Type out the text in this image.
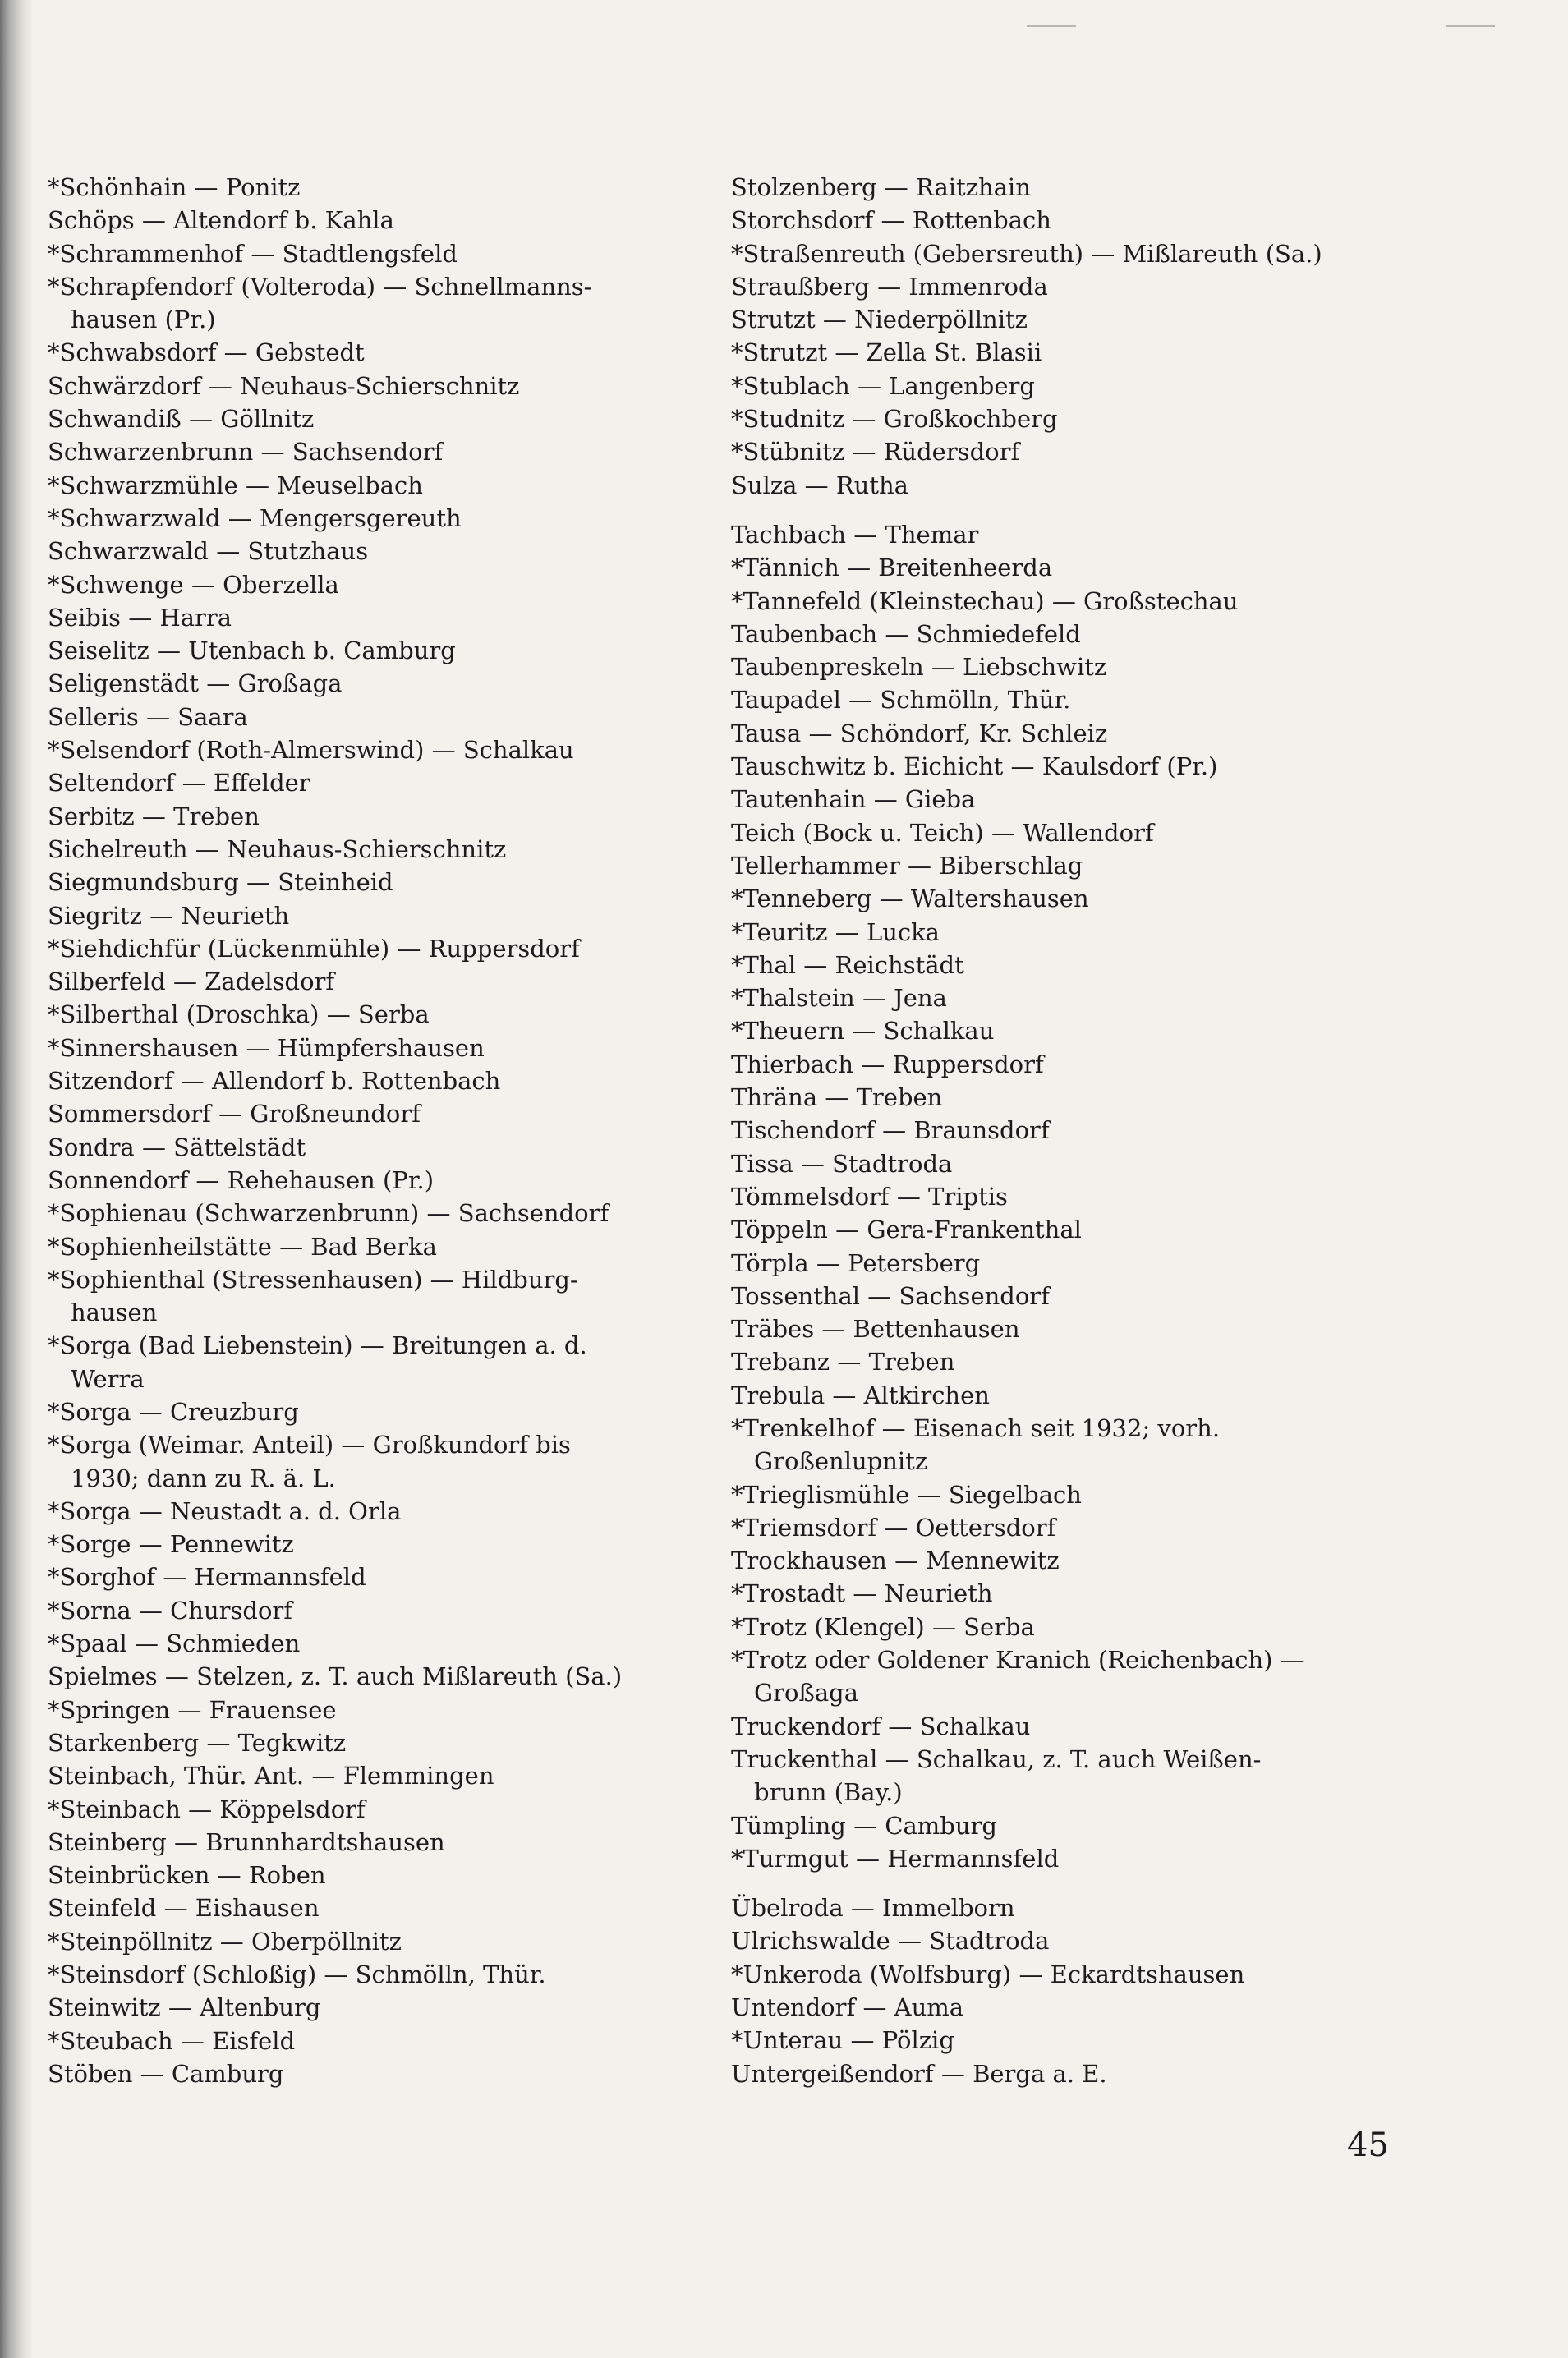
*Schönhain — Ponitz
Schöps — Altendorf b. Kahla
*Schrammenhof — Stadtlengsfeld
*Schrapfendorf (Volteroda) — Schnellmanns-
hausen (Pr.)
*Schwabsdorf — Gebstedt
Schwärzdorf — Neuhaus-Schierschnitz
Schwandiß — Göllnitz
Schwarzenbrunn — Sachsendorf
*Schwarzmühle — Meuselbach
*Schwarzwald — Mengersgereuth
Schwarzwald — Stutzhaus
*Schwenge — Oberzella
Seibis — Harra
Seiselitz — Utenbach b. Camburg
Seligenstädt — Großaga
Selleris — Saara
*Selsendorf (Roth-Almerswind) — Schalkau
Seltendorf — Effelder
Serbitz — Treben
Sichelreuth — Neuhaus-Schierschnitz
Siegmundsburg — Steinheid
Siegritz — Neurieth
*Siehdichfür (Lückenmühle) — Ruppersdorf
Silberfeld — Zadelsdorf
*Silberthal (Droschka) — Serba
*Sinnershausen — Hümpfershausen
Sitzendorf — Allendorf b. Rottenbach
Sommersdorf — Großneundorf
Sondra — Sättelstädt
Sonnendorf — Rehehausen (Pr.)
*Sophienau (Schwarzenbrunn) — Sachsendorf
*Sophienheilstätte — Bad Berka
*Sophienthal (Stressenhausen) — Hildburg-
hausen
*Sorga (Bad Liebenstein) — Breitungen a. d.
Werra
*Sorga — Creuzburg
*Sorga (Weimar. Anteil) — Großkundorf bis
1930; dann zu R. ä. L.
*Sorga — Neustadt a. d. Orla
*Sorge — Pennewitz
*Sorghof — Hermannsfeld
*Sorna — Chursdorf
*Spaal — Schmieden
Spielmes — Stelzen, z. T. auch Mißlareuth (Sa.)
*Springen — Frauensee
Starkenberg — Tegkwitz
Steinbach, Thür. Ant. — Flemmingen
*Steinbach — Köppelsdorf
Steinberg — Brunnhardtshausen
Steinbrücken — Roben
Steinfeld — Eishausen
*Steinpöllnitz — Oberpöllnitz
*Steinsdorf (Schloßig) — Schmölln, Thür.
Steinwitz — Altenburg
*Steubach — Eisfeld
Stöben — Camburg
Stolzenberg — Raitzhain
Storchsdorf — Rottenbach
*Straßenreuth (Gebersreuth) — Mißlareuth (Sa.)
Straußberg — Immenroda
Strutzt — Niederpöllnitz
*Strutzt — Zella St. Blasii
*Stublach — Langenberg
*Studnitz — Großkochberg
*Stübnitz — Rüdersdorf
Sulza — Rutha
Tachbach — Themar
*Tännich — Breitenheerda
*Tannefeld (Kleinstechau) — Großstechau
Taubenbach — Schmiedefeld
Taubenpreskeln — Liebschwitz
Taupadel — Schmölln, Thür.
Tausa — Schöndorf, Kr. Schleiz
Tauschwitz b. Eichicht — Kaulsdorf (Pr.)
Tautenhain — Gieba
Teich (Bock u. Teich) — Wallendorf
Tellerhammer — Biberschlag
*Tenneberg — Waltershausen
*Teuritz — Lucka
*Thal — Reichstädt
*Thalstein — Jena
*Theuern — Schalkau
Thierbach — Ruppersdorf
Thräna — Treben
Tischendorf — Braunsdorf
Tissa — Stadtroda
Tömmelsdorf — Triptis
Töppeln — Gera-Frankenthal
Törpla — Petersberg
Tossenthal — Sachsendorf
Träbes — Bettenhausen
Trebanz — Treben
Trebula — Altkirchen
*Trenkelhof — Eisenach seit 1932; vorh.
Großenlupnitz
*Trieglismühle — Siegelbach
*Triemsdorf — Oettersdorf
Trockhausen — Mennewitz
*Trostadt — Neurieth
*Trotz (Klengel) — Serba
*Trotz oder Goldener Kranich (Reichenbach) —
Großaga
Truckendorf — Schalkau
Truckenthal — Schalkau, z. T. auch Weißen-
brunn (Bay.)
Tümpling — Camburg
*Turmgut — Hermannsfeld
Übelroda — Immelborn
Ulrichswalde — Stadtroda
*Unkeroda (Wolfsburg) — Eckardtshausen
Untendorf — Auma
*Unterau — Pölzig
Untergeißendorf — Berga a. E.
45
